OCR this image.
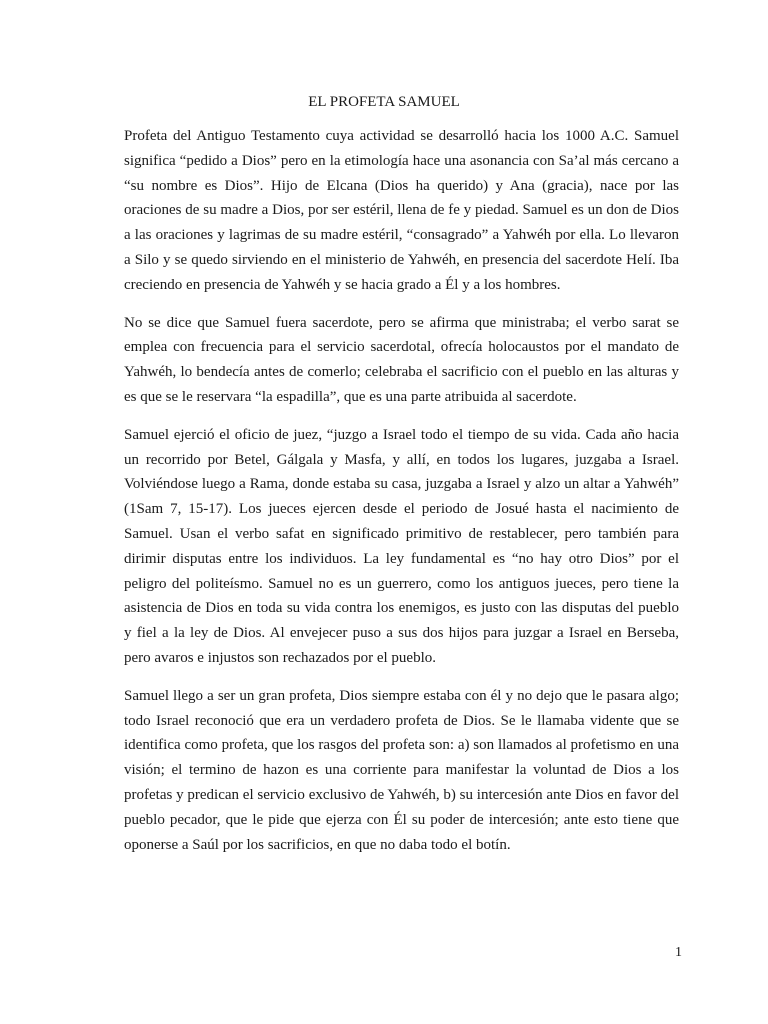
EL PROFETA SAMUEL

Profeta del Antiguo Testamento cuya actividad se desarrolló hacia los 1000 A.C. Samuel significa “pedido a Dios” pero en la etimología hace una asonancia con Sa’al más cercano a “su nombre es Dios”. Hijo de Elcana (Dios ha querido) y Ana (gracia), nace por las oraciones de su madre a Dios, por ser estéril, llena de fe y piedad. Samuel es un don de Dios a las oraciones y lagrimas de su madre estéril, “consagrado” a Yahwéh por ella. Lo llevaron a Silo y se quedo sirviendo en el ministerio de Yahwéh, en presencia del sacerdote Helí. Iba creciendo en presencia de Yahwéh y se hacia grado a Él y a los hombres.

No se dice que Samuel fuera sacerdote, pero se afirma que ministraba; el verbo sarat se emplea con frecuencia para el servicio sacerdotal, ofrecía holocaustos por el mandato de Yahwéh, lo bendecía antes de comerlo; celebraba el sacrificio con el pueblo en las alturas y es que se le reservara “la espadilla”, que es una parte atribuida al sacerdote.

Samuel ejerció el oficio de juez, “juzgo a Israel todo el tiempo de su vida. Cada año hacia un recorrido por Betel, Gálgala y Masfa, y allí, en todos los lugares, juzgaba a Israel. Volviéndose luego a Rama, donde estaba su casa, juzgaba a Israel y alzo un altar a Yahwéh” (1Sam 7, 15-17). Los jueces ejercen desde el periodo de Josué hasta el nacimiento de Samuel. Usan el verbo safat en significado primitivo de restablecer, pero también para dirimir disputas entre los individuos. La ley fundamental es “no hay otro Dios” por el peligro del politeísmo. Samuel no es un guerrero, como los antiguos jueces, pero tiene la asistencia de Dios en toda su vida contra los enemigos, es justo con las disputas del pueblo y fiel a la ley de Dios. Al envejecer puso a sus dos hijos para juzgar a Israel en Berseba, pero avaros e injustos son rechazados por el pueblo.

Samuel llego a ser un gran profeta, Dios siempre estaba con él y no dejo que le pasara algo; todo Israel reconoció que era un verdadero profeta de Dios. Se le llamaba vidente que se identifica como profeta, que los rasgos del profeta son: a) son llamados al profetismo en una visión; el termino de hazon es una corriente para manifestar la voluntad de Dios a los profetas y predican el servicio exclusivo de Yahwéh, b) su intercesión ante Dios en favor del pueblo pecador, que le pide que ejerza con Él su poder de intercesión; ante esto tiene que oponerse a Saúl por los sacrificios, en que no daba todo el botín.

1
